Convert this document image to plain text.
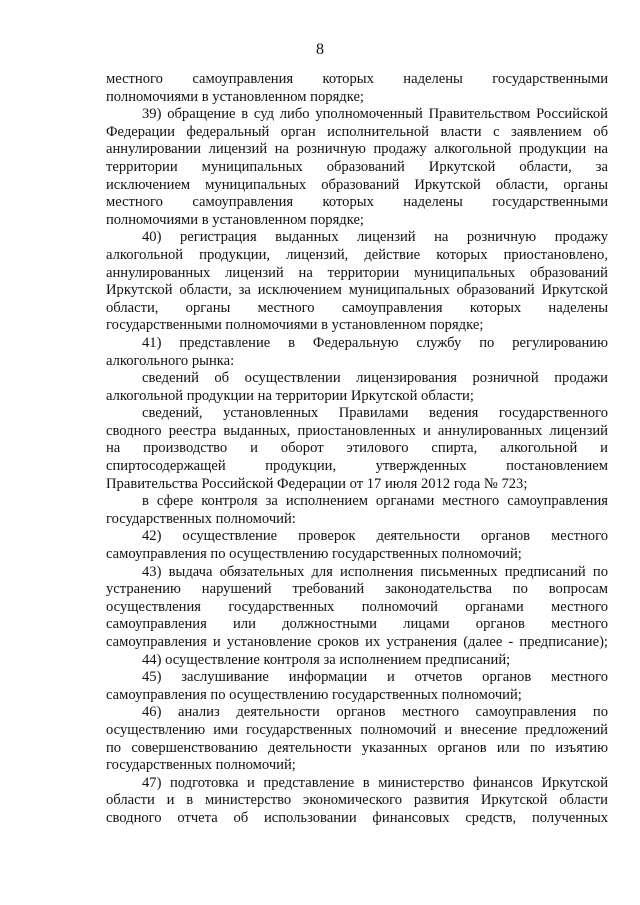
8
местного самоуправления которых наделены государственными
полномочиями в установленном порядке;
39) обращение в суд либо уполномоченный Правительством Российской
Федерации федеральный орган исполнительной власти с заявлением об
аннулировании лицензий на розничную продажу алкогольной продукции на
территории муниципальных образований Иркутской области, за
исключением муниципальных образований Иркутской области, органы
местного самоуправления которых наделены государственными
полномочиями в установленном порядке;
40) регистрация выданных лицензий на розничную продажу
алкогольной продукции, лицензий, действие которых приостановлено,
аннулированных лицензий на территории муниципальных образований
Иркутской области, за исключением муниципальных образований Иркутской
области, органы местного самоуправления которых наделены
государственными полномочиями в установленном порядке;
41) представление в Федеральную службу по регулированию
алкогольного рынка:
сведений об осуществлении лицензирования розничной продажи
алкогольной продукции на территории Иркутской области;
сведений, установленных Правилами ведения государственного
сводного реестра выданных, приостановленных и аннулированных лицензий
на производство и оборот этилового спирта, алкогольной и
спиртосодержащей продукции, утвержденных постановлением
Правительства Российской Федерации от 17 июля 2012 года № 723;
в сфере контроля за исполнением органами местного самоуправления
государственных полномочий:
42) осуществление проверок деятельности органов местного
самоуправления по осуществлению государственных полномочий;
43) выдача обязательных для исполнения письменных предписаний по
устранению нарушений требований законодательства по вопросам
осуществления государственных полномочий органами местного
самоуправления или должностными лицами органов местного
самоуправления и установление сроков их устранения (далее - предписание);
44) осуществление контроля за исполнением предписаний;
45) заслушивание информации и отчетов органов местного
самоуправления по осуществлению государственных полномочий;
46) анализ деятельности органов местного самоуправления по
осуществлению ими государственных полномочий и внесение предложений
по совершенствованию деятельности указанных органов или по изъятию
государственных полномочий;
47) подготовка и представление в министерство финансов Иркутской
области и в министерство экономического развития Иркутской области
сводного отчета об использовании финансовых средств, полученных
